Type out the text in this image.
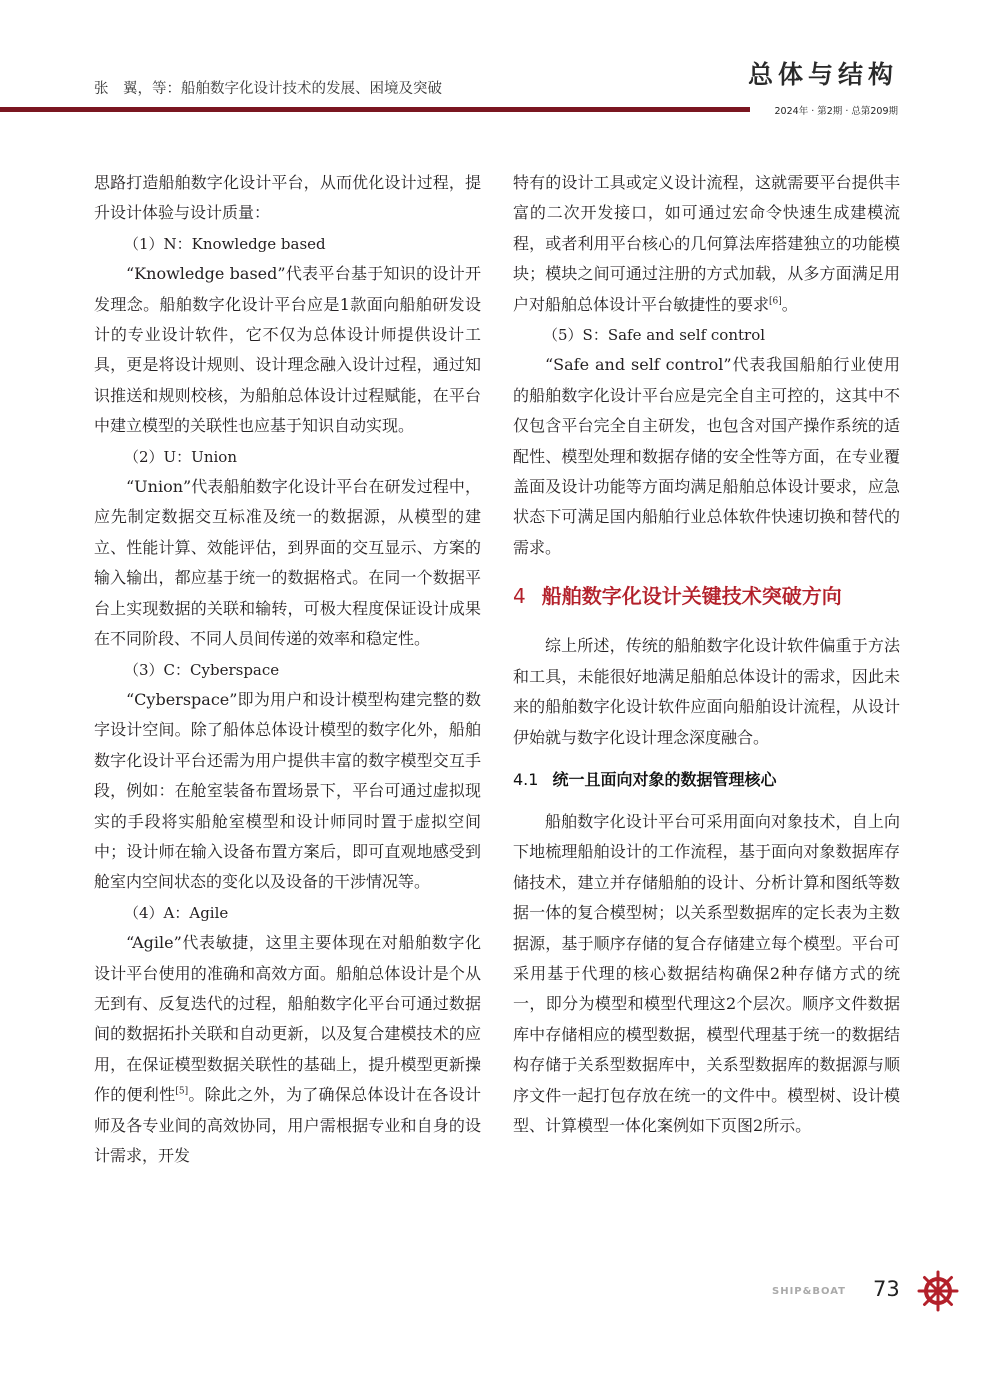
张　翼，等：船舶数字化设计技术的发展、困境及突破	总体与结构
2024年 · 第2期 · 总第209期

思路打造船舶数字化设计平台，从而优化设计过程，提升设计体验与设计质量：

（1）N：Knowledge based

“Knowledge based”代表平台基于知识的设计开发理念。船舶数字化设计平台应是1款面向船舶研发设计的专业设计软件，它不仅为总体设计师提供设计工具，更是将设计规则、设计理念融入设计过程，通过知识推送和规则校核，为船舶总体设计过程赋能，在平台中建立模型的关联性也应基于知识自动实现。

（2）U：Union

“Union”代表船舶数字化设计平台在研发过程中，应先制定数据交互标准及统一的数据源，从模型的建立、性能计算、效能评估，到界面的交互显示、方案的输入输出，都应基于统一的数据格式。在同一个数据平台上实现数据的关联和输转，可极大程度保证设计成果在不同阶段、不同人员间传递的效率和稳定性。

（3）C：Cyberspace

“Cyberspace”即为用户和设计模型构建完整的数字设计空间。除了船体总体设计模型的数字化外，船舶数字化设计平台还需为用户提供丰富的数字模型交互手段，例如：在舱室装备布置场景下，平台可通过虚拟现实的手段将实船舱室模型和设计师同时置于虚拟空间中；设计师在输入设备布置方案后，即可直观地感受到舱室内空间状态的变化以及设备的干涉情况等。

（4）A：Agile

“Agile”代表敏捷，这里主要体现在对船舶数字化设计平台使用的准确和高效方面。船舶总体设计是个从无到有、反复迭代的过程，船舶数字化平台可通过数据间的数据拓扑关联和自动更新，以及复合建模技术的应用，在保证模型数据关联性的基础上，提升模型更新操作的便利性[5]。除此之外，为了确保总体设计在各设计师及各专业间的高效协同，用户需根据专业和自身的设计需求，开发

特有的设计工具或定义设计流程，这就需要平台提供丰富的二次开发接口，如可通过宏命令快速生成建模流程，或者利用平台核心的几何算法库搭建独立的功能模块；模块之间可通过注册的方式加载，从多方面满足用户对船舶总体设计平台敏捷性的要求[6]。

（5）S：Safe and self control

“Safe and self control”代表我国船舶行业使用的船舶数字化设计平台应是完全自主可控的，这其中不仅包含平台完全自主研发，也包含对国产操作系统的适配性、模型处理和数据存储的安全性等方面，在专业覆盖面及设计功能等方面均满足船舶总体设计要求，应急状态下可满足国内船舶行业总体软件快速切换和替代的需求。

4 船舶数字化设计关键技术突破方向

综上所述，传统的船舶数字化设计软件偏重于方法和工具，未能很好地满足船舶总体设计的需求，因此未来的船舶数字化设计软件应面向船舶设计流程，从设计伊始就与数字化设计理念深度融合。

4.1 统一且面向对象的数据管理核心

船舶数字化设计平台可采用面向对象技术，自上向下地梳理船舶设计的工作流程，基于面向对象数据库存储技术，建立并存储船舶的设计、分析计算和图纸等数据一体的复合模型树；以关系型数据库的定长表为主数据源，基于顺序存储的复合存储建立每个模型。平台可采用基于代理的核心数据结构确保2种存储方式的统一，即分为模型和模型代理这2个层次。顺序文件数据库中存储相应的模型数据，模型代理基于统一的数据结构存储于关系型数据库中，关系型数据库的数据源与顺序文件一起打包存放在统一的文件中。模型树、设计模型、计算模型一体化案例如下页图2所示。

SHIP&BOAT 73
